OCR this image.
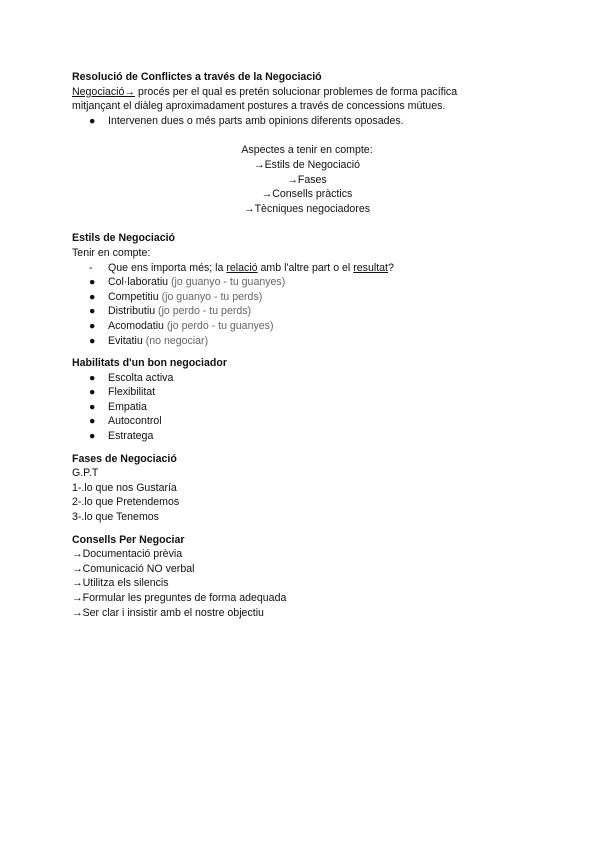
Resolució de Conflictes a través de la Negociació
Negociació→ procés per el qual es pretén solucionar problemes de forma pacífica
mitjançant el diàleg aproximadament postures a través de concessions mútues.
● Intervenen dues o més parts amb opinions diferents oposades.
Aspectes a tenir en compte:
→Estils de Negociació
→Fases
→Consells pràctics
→Tècniques negociadores
Estils de Negociació
Tenir en compte:
- Que ens importa més; la relació amb l'altre part o el resultat?
● Col·laboratiu (jo guanyo - tu guanyes)
● Competitiu (jo guanyo - tu perds)
● Distributiu (jo perdo - tu perds)
● Acomodatiu (jo perdo - tu guanyes)
● Evitatiu (no negociar)
Habilitats d'un bon negociador
● Escolta activa
● Flexibilitat
● Empatia
● Autocontrol
● Estratega
Fases de Negociació
G.P.T
1-.lo que nos Gustaría
2-.lo que Pretendemos
3-.lo que Tenemos
Consells Per Negociar
→Documentació prèvia
→Comunicació NO verbal
→Utilitza els silencis
→Formular les preguntes de forma adequada
→Ser clar i insistir amb el nostre objectiu
